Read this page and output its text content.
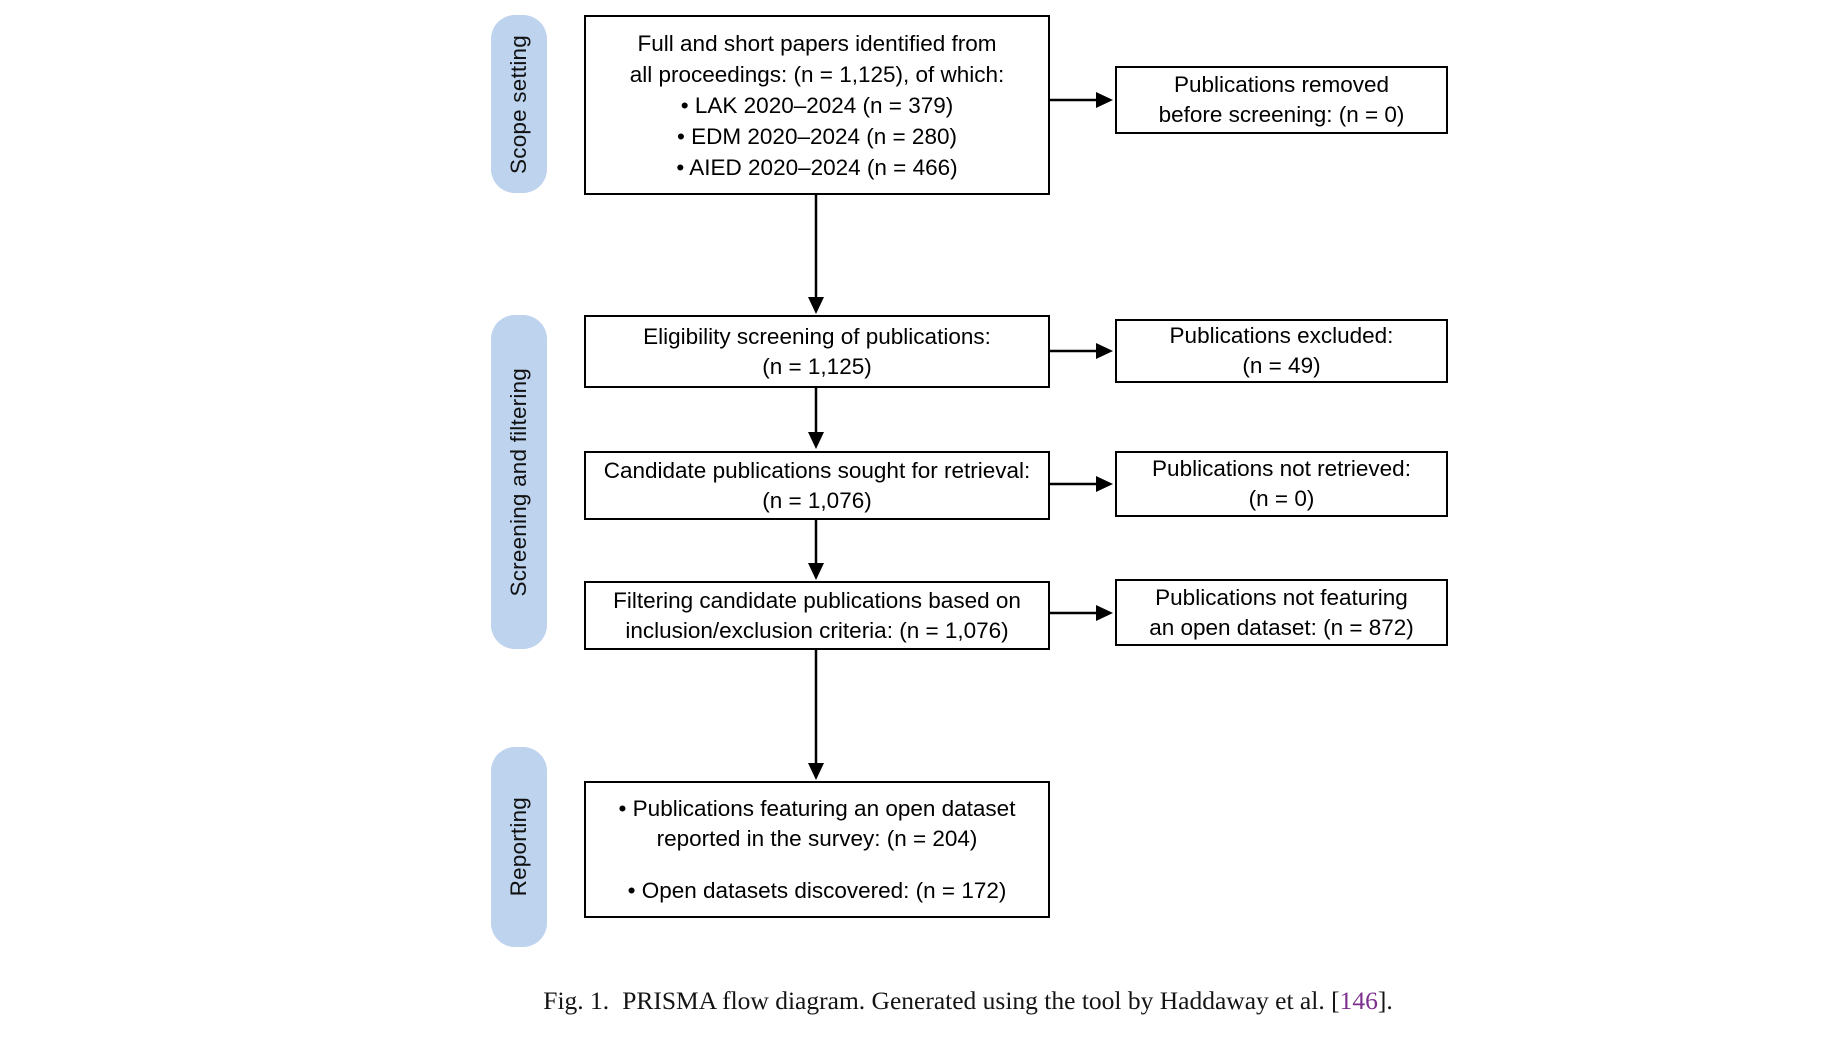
Scope setting
Screening and filtering
Reporting
Full and short papers identified from
all proceedings: (n = 1,125), of which:
• LAK 2020–2024 (n = 379)
• EDM 2020–2024 (n = 280)
• AIED 2020–2024 (n = 466)
Eligibility screening of publications:
(n = 1,125)
Candidate publications sought for retrieval:
(n = 1,076)
Filtering candidate publications based on
inclusion/exclusion criteria: (n = 1,076)
• Publications featuring an open dataset
reported in the survey: (n = 204)
• Open datasets discovered: (n = 172)
Publications removed
before screening: (n = 0)
Publications excluded:
(n = 49)
Publications not retrieved:
(n = 0)
Publications not featuring
an open dataset: (n = 872)
Fig. 1. PRISMA flow diagram. Generated using the tool by Haddaway et al. [146].
